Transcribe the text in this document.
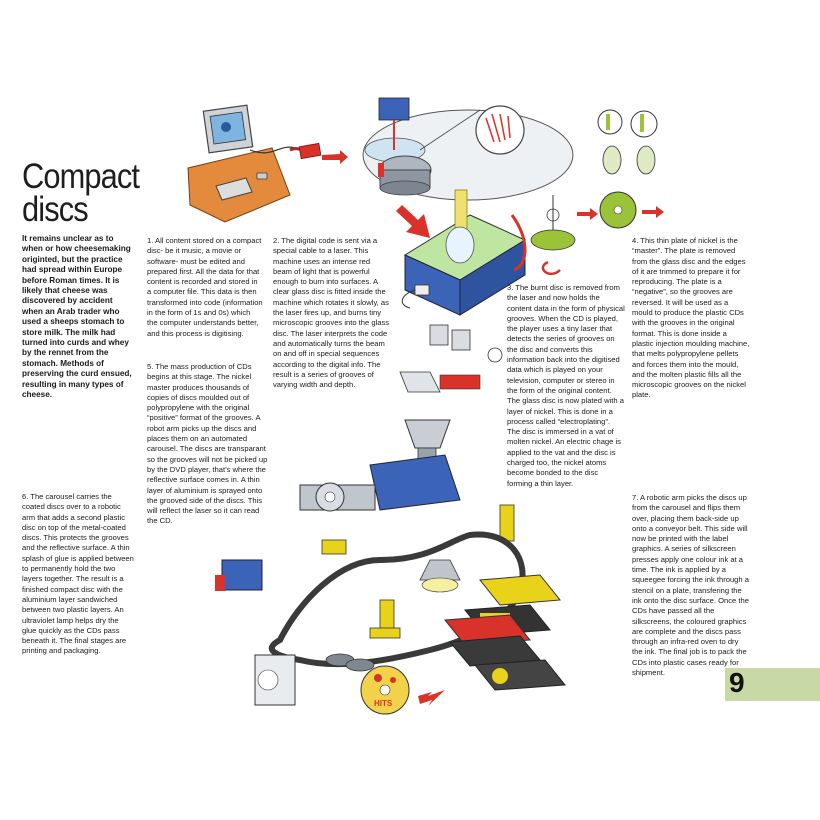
HITS
Compact discs
It remains unclear as to when or how cheesemaking originted, but the practice had spread within Europe before Roman times. It is likely that cheese was discovered by accident when an Arab trader who used a sheeps stomach to store milk. The milk had turned into curds and whey by the rennet from the stomach. Methods of preserving the curd ensued, resulting in many types of cheese.
1. All content stored on a compact disc- be it music, a movie or software- must be edited and prepared first. All the data for that content is recorded and stored in a computer file. This data is then transformed into code (information in the form of 1s and 0s) which the computer understands better, and this process is digitising.
2. The digital code is sent via a special cable to a laser. This machine uses an intense red beam of light that is powerful enough to burn into surfaces. A clear glass disc is fitted inside the machine which rotates it slowly, as the laser fires up, and burns tiny microscopic grooves into the glass disc. The laser interprets the code and automatically turns the beam on and off in special sequences according to the digital info. The result is a series of grooves of varying width and depth.
5. The mass production of CDs begins at this stage. The nickel master produces thousands of copies of discs moulded out of polypropylene with the original “positive” format of the grooves. A robot arm picks up the discs and places them on an automated carousel. The discs are transparant so the grooves will not be picked up by the DVD player, that’s where the reflective surface comes in. A thin layer of aluminium is sprayed onto the grooved side of the discs. This will reflect the laser so it can read the CD.
3. The burnt disc is removed from the laser and now holds the content data in the form of physical grooves. When the CD is played, the player uses a tiny laser that detects the series of grooves on the disc and converts this information back into the digitised data which is played on your television, computer or stereo in the form of the original content. The glass disc is now plated with a layer of nickel. This is done in a process called “electroplating”. The disc is immersed in a vat of molten nickel. An electric chage is applied to the vat and the disc is charged too, the nickel atoms become bonded to the disc forming a thin layer.
4. This thin plate of nickel is the “master”. The plate is removed from the glass disc and the edges of it are trimmed to prepare it for reproducing. The plate is a “negative”, so the grooves are reversed. It will be used as a mould to produce the plastic CDs with the grooves in the original format. This is done inside a plastic injection moulding machine, that melts polypropylene pellets and forces them into the mould, and the molten plastic fills all the microscopic grooves on the nickel plate.
6. The carousel carries the coated discs over to a robotic arm that adds a second plastic disc on top of the metal-coated discs. This protects the grooves and the reflective surface. A thin splash of glue is applied between to permanently hold the two layers together. The result is a finished compact disc with the aluminium layer sandwiched between two plastic layers. An ultraviolet lamp helps dry the glue quickly as the CDs pass beneath it. The final stages are printing and packaging.
7. A robotic arm picks the discs up from the carousel and flips them over, placing them back-side up onto a conveyor belt. This side will now be printed with the label graphics. A series of silkscreen presses apply one colour ink at a time. The ink is applied by a squeegee forcing the ink through a stencil on a plate, transfering the ink onto the disc surface. Once the CDs have passed all the silkscreens, the coloured graphics are complete and the discs pass through an infra-red oven to dry the ink. The final job is to pack the CDs into plastic cases ready for shipment.	9
